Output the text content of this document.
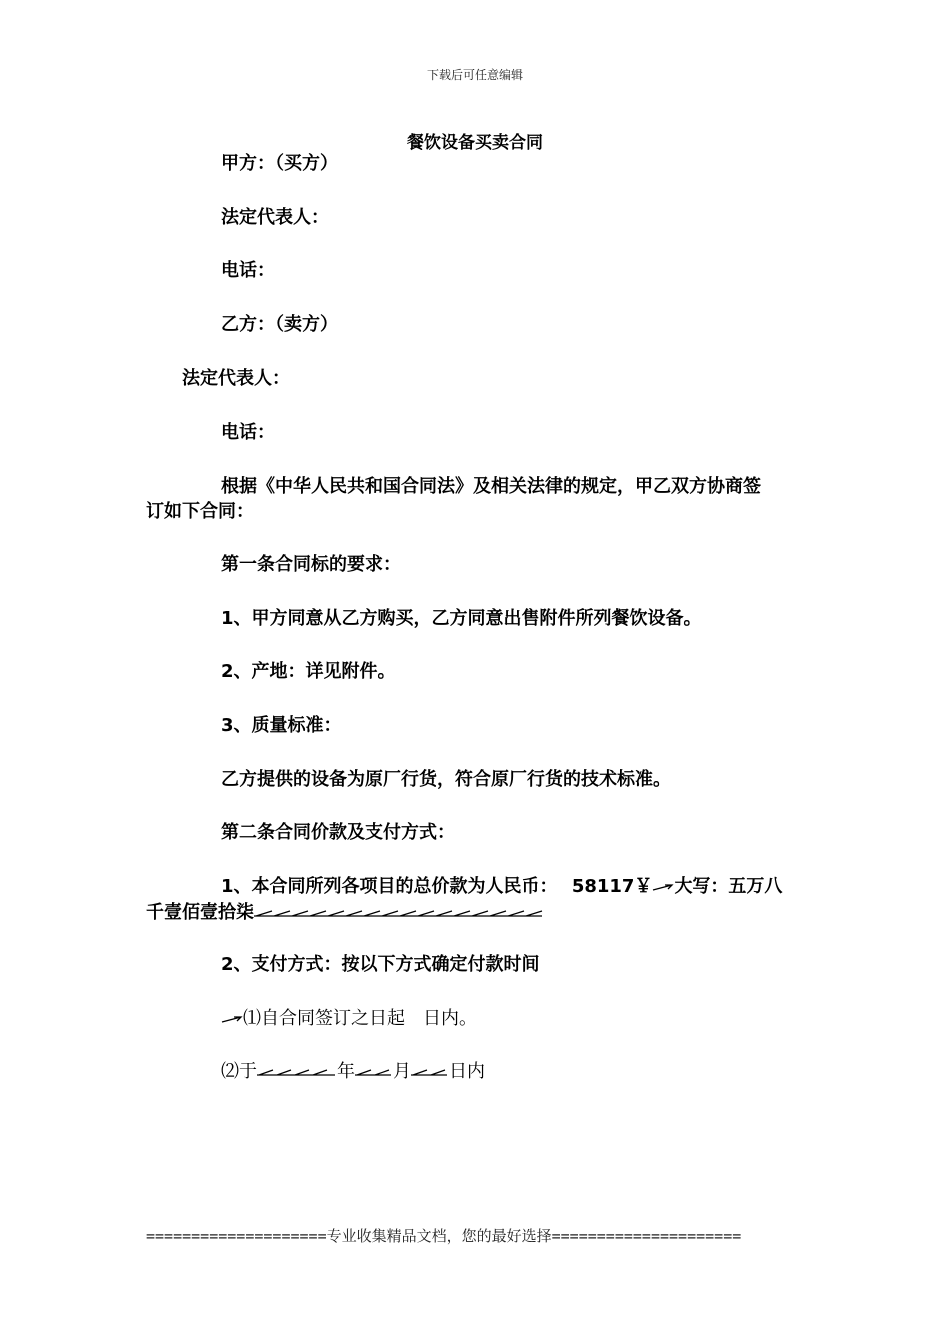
下载后可任意编辑
餐饮设备买卖合同
甲方：（买方）
法定代表人：
电话：
乙方：（卖方）
法定代表人：
电话：
根据《中华人民共和国合同法》及相关法律的规定，甲乙双方协商签
订如下合同：
第一条合同标的要求：
1、甲方同意从乙方购买，乙方同意出售附件所列餐饮设备。
2、产地：详见附件。
3、质量标准：
乙方提供的设备为原厂行货，符合原厂行货的技术标准。
第二条合同价款及支付方式：
1、本合同所列各项目的总价款为人民币： 58117￥ 大写：五万八
千壹佰壹拾柒
2、支付方式：按以下方式确定付款时间
⑴自合同签订之日起　日内。
⑵于	年 月 日内
====================专业收集精品文档，您的最好选择=====================
